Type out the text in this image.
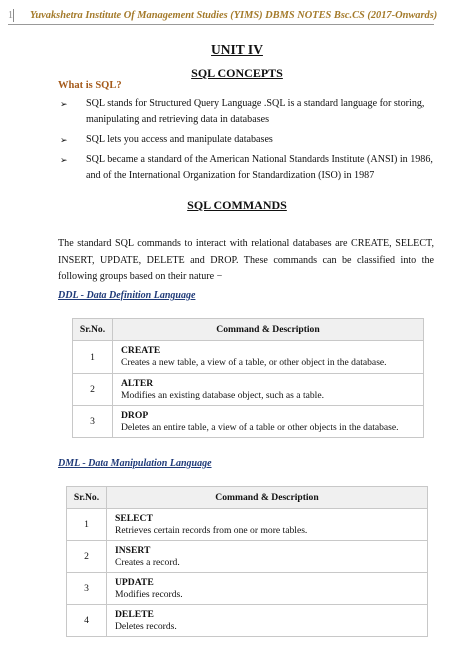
1 Yuvakshetra Institute Of Management Studies (YIMS) DBMS NOTES Bsc.CS (2017-Onwards)
UNIT IV
SQL CONCEPTS
What is SQL?
➢ SQL stands for Structured Query Language .SQL is a standard language for storing, manipulating and retrieving data in databases
➢ SQL lets you access and manipulate databases
➢ SQL became a standard of the American National Standards Institute (ANSI) in 1986, and of the International Organization for Standardization (ISO) in 1987
SQL COMMANDS

The standard SQL commands to interact with relational databases are CREATE, SELECT, INSERT, UPDATE, DELETE and DROP. These commands can be classified into the following groups based on their nature −

DDL - Data Definition Language
Sr.No.	Command & Description
1	CREATE
Creates a new table, a view of a table, or other object in the database.
2	ALTER
Modifies an existing database object, such as a table.
3	DROP
Deletes an entire table, a view of a table or other objects in the database.
DML - Data Manipulation Language
Sr.No.	Command & Description
1	SELECT
Retrieves certain records from one or more tables.
2	INSERT
Creates a record.
3	UPDATE
Modifies records.
4	DELETE
Deletes records.
